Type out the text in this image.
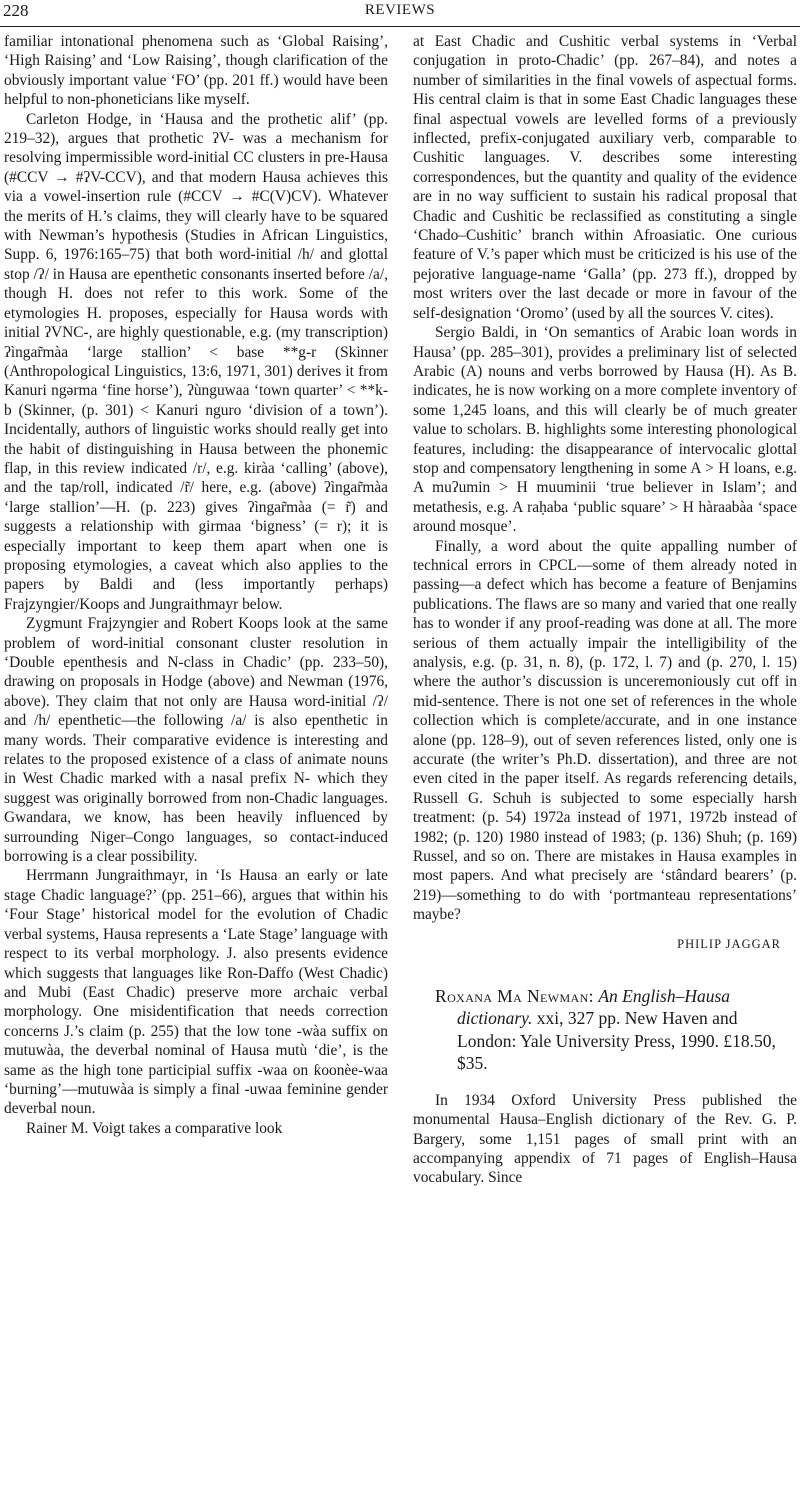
228	REVIEWS

familiar intonational phenomena such as ‘Global Raising’, ‘High Raising’ and ‘Low Raising’, though clarification of the obviously important value ‘FO’ (pp. 201 ff.) would have been helpful to non-phoneticians like myself.

Carleton Hodge, in ‘Hausa and the prothetic alif’ (pp. 219–32), argues that prothetic ʔV- was a mechanism for resolving impermissible word-initial CC clusters in pre-Hausa (#CCV → #ʔV-CCV), and that modern Hausa achieves this via a vowel-insertion rule (#CCV → #C(V)CV). Whatever the merits of H.’s claims, they will clearly have to be squared with Newman’s hypothesis (Studies in African Linguistics, Supp. 6, 1976:165–75) that both word-initial /h/ and glottal stop /ʔ/ in Hausa are epenthetic consonants inserted before /a/, though H. does not refer to this work. Some of the etymologies H. proposes, especially for Hausa words with initial ʔVNC-, are highly questionable, e.g. (my transcription) ʔìngar̃màa ‘large stallion’ < base **g-r (Skinner (Anthropological Linguistics, 13:6, 1971, 301) derives it from Kanuri ngərma ‘fine horse’), ʔùnguwaa ‘town quarter’ < **k-b (Skinner, (p. 301) < Kanuri nguro ‘division of a town’). Incidentally, authors of linguistic works should really get into the habit of distinguishing in Hausa between the phonemic flap, in this review indicated /r/, e.g. kiràa ‘calling’ (above), and the tap/roll, indicated /r̃/ here, e.g. (above) ʔìngar̃màa ‘large stallion’—H. (p. 223) gives ʔìngar̃màa (= r̃) and suggests a relationship with girmaa ‘bigness’ (= r); it is especially important to keep them apart when one is proposing etymologies, a caveat which also applies to the papers by Baldi and (less importantly perhaps) Frajzyngier/Koops and Jungraithmayr below.

Zygmunt Frajzyngier and Robert Koops look at the same problem of word-initial consonant cluster resolution in ‘Double epenthesis and N-class in Chadic’ (pp. 233–50), drawing on proposals in Hodge (above) and Newman (1976, above). They claim that not only are Hausa word-initial /ʔ/ and /h/ epenthetic—the following /a/ is also epenthetic in many words. Their comparative evidence is interesting and relates to the proposed existence of a class of animate nouns in West Chadic marked with a nasal prefix N- which they suggest was originally borrowed from non-Chadic languages. Gwandara, we know, has been heavily influenced by surrounding Niger–Congo languages, so contact-induced borrowing is a clear possibility.

Herrmann Jungraithmayr, in ‘Is Hausa an early or late stage Chadic language?’ (pp. 251–66), argues that within his ‘Four Stage’ historical model for the evolution of Chadic verbal systems, Hausa represents a ‘Late Stage’ language with respect to its verbal morphology. J. also presents evidence which suggests that languages like Ron-Daffo (West Chadic) and Mubi (East Chadic) preserve more archaic verbal morphology. One misidentification that needs correction concerns J.’s claim (p. 255) that the low tone -wàa suffix on mutuwàa, the deverbal nominal of Hausa mutù ‘die’, is the same as the high tone participial suffix -waa on ƙoonèe-waa ‘burning’—mutuwàa is simply a final -uwaa feminine gender deverbal noun.

Rainer M. Voigt takes a comparative look

at East Chadic and Cushitic verbal systems in ‘Verbal conjugation in proto-Chadic’ (pp. 267–84), and notes a number of similarities in the final vowels of aspectual forms. His central claim is that in some East Chadic languages these final aspectual vowels are levelled forms of a previously inflected, prefix-conjugated auxiliary verb, comparable to Cushitic languages. V. describes some interesting correspondences, but the quantity and quality of the evidence are in no way sufficient to sustain his radical proposal that Chadic and Cushitic be reclassified as constituting a single ‘Chado–Cushitic’ branch within Afroasiatic. One curious feature of V.’s paper which must be criticized is his use of the pejorative language-name ‘Galla’ (pp. 273 ff.), dropped by most writers over the last decade or more in favour of the self-designation ‘Oromo’ (used by all the sources V. cites).

Sergio Baldi, in ‘On semantics of Arabic loan words in Hausa’ (pp. 285–301), provides a preliminary list of selected Arabic (A) nouns and verbs borrowed by Hausa (H). As B. indicates, he is now working on a more complete inventory of some 1,245 loans, and this will clearly be of much greater value to scholars. B. highlights some interesting phonological features, including: the disappearance of intervocalic glottal stop and compensatory lengthening in some A > H loans, e.g. A muʔumin > H muuminii ‘true believer in Islam’; and metathesis, e.g. A raḥaba ‘public square’ > H hàraabàa ‘space around mosque’.

Finally, a word about the quite appalling number of technical errors in CPCL—some of them already noted in passing—a defect which has become a feature of Benjamins publications. The flaws are so many and varied that one really has to wonder if any proof-reading was done at all. The more serious of them actually impair the intelligibility of the analysis, e.g. (p. 31, n. 8), (p. 172, l. 7) and (p. 270, l. 15) where the author’s discussion is unceremoniously cut off in mid-sentence. There is not one set of references in the whole collection which is complete/accurate, and in one instance alone (pp. 128–9), out of seven references listed, only one is accurate (the writer’s Ph.D. dissertation), and three are not even cited in the paper itself. As regards referencing details, Russell G. Schuh is subjected to some especially harsh treatment: (p. 54) 1972a instead of 1971, 1972b instead of 1982; (p. 120) 1980 instead of 1983; (p. 136) Shuh; (p. 169) Russel, and so on. There are mistakes in Hausa examples in most papers. And what precisely are ‘stândard bearers’ (p. 219)—something to do with ‘portmanteau representations’ maybe?

PHILIP JAGGAR
Roxana Ma Newman: An English–Hausa dictionary. xxi, 327 pp. New Haven and London: Yale University Press, 1990. £18.50, $35.

In 1934 Oxford University Press published the monumental Hausa–English dictionary of the Rev. G. P. Bargery, some 1,151 pages of small print with an accompanying appendix of 71 pages of English–Hausa vocabulary. Since
